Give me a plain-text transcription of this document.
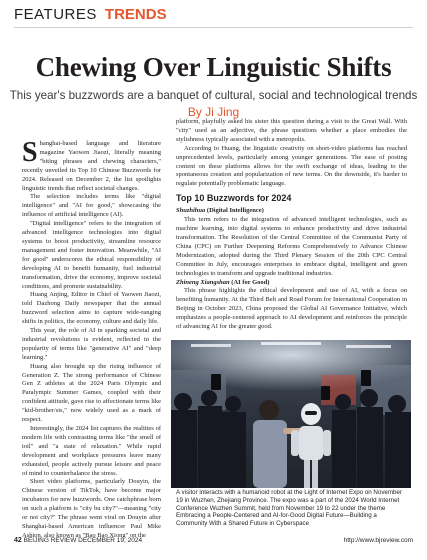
FEATURES TRENDS
Chewing Over Linguistic Shifts
This year's buzzwords are a banquet of cultural, social and technological trends
By Ji Jing

Shanghai-based language and literature magazine Yaowen Jiaozi, literally meaning "biting phrases and chewing characters," recently unveiled its Top 10 Chinese Buzzwords for 2024. Released on December 2, the list spotlights linguistic trends that reflect societal changes.

The selection includes terms like "digital intelligence" and "AI for good," showcasing the influence of artificial intelligence (AI).

"Digital intelligence" refers to the integration of advanced intelligence technologies into digital systems to boost productivity, streamline resource management and foster innovation. Meanwhile, "AI for good" underscores the ethical responsibility of developing AI to benefit humanity, fuel industrial transformation, drive the economy, improve societal conditions, and promote sustainability.

Huang Anjing, Editor in Chief of Yaowen Jiaozi, told Dazhong Daily newspaper that the annual buzzword selection aims to capture wide-ranging shifts in politics, the economy, culture and daily life.

This year, the role of AI in sparking societal and industrial revolutions is evident, reflected in the popularity of terms like "generative AI" and "deep learning."

Huang also brought up the rising influence of Generation Z. The strong performance of Chinese Gen Z athletes at the 2024 Paris Olympic and Paralympic Summer Games, coupled with their confident attitude, gave rise to affectionate terms like "kid-brother/sis," now widely used as a mark of respect.

Interestingly, the 2024 list captures the realities of modern life with contrasting terms like "the smell of toil" and "a state of relaxation." While rapid development and workplace pressures leave many exhausted, people actively pursue leisure and peace of mind to counterbalance the stress.

Short video platforms, particularly Douyin, the Chinese version of TikTok, have become major incubators for new buzzwords. One catchphrase born on such a platform is "city bu city?"—meaning "city or not city?" The phrase went viral on Douyin after Shanghai-based American influencer Paul Mike Ashton, also known as "Bao Bao Xiong" on the

platform, playfully asked his sister this question during a visit to the Great Wall. With "city" used as an adjective, the phrase questions whether a place embodies the stylishness typically associated with a metropolis.

According to Huang, the linguistic creativity on short-video platforms has reached unprecedented levels, particularly among younger generations. The ease of posting content on these platforms allows for the swift exchange of ideas, leading to the spontaneous creation and popularization of new terms. On the downside, it's harder to regulate potentially problematic language.

Top 10 Buzzwords for 2024

Shuzhihua (Digital Intelligence)

This term refers to the integration of advanced intelligent technologies, such as machine learning, into digital systems to enhance productivity and drive industrial transformation. The Resolution of the Central Committee of the Communist Party of China (CPC) on Further Deepening Reforms Comprehensively to Advance Chinese Modernization, adopted during the Third Plenary Session of the 20th CPC Central Committee in July, encourages enterprises to embrace digital, intelligent and green technologies to transform and upgrade traditional industries.

Zhineng Xiangshan (AI for Good)

This phrase highlights the ethical development and use of AI, with a focus on benefiting humanity. At the Third Belt and Road Forum for International Cooperation in Beijing in October 2023, China proposed the Global AI Governance Initiative, which emphasizes a people-centered approach to AI development and reinforces the principle of advancing AI for the greater good.

A visitor interacts with a humanoid robot at the Light of Internet Expo on November 19 in Wuzhen, Zhejiang Province. The expo was a part of the 2024 World Internet Conference Wuzhen Summit, held from November 19 to 22 under the theme Embracing a People-Centered and AI-for-Good Digital Future—Building a Community With a Shared Future in Cyberspace
42 BEIJING REVIEW DECEMBER 19, 2024	http://www.bjreview.com
